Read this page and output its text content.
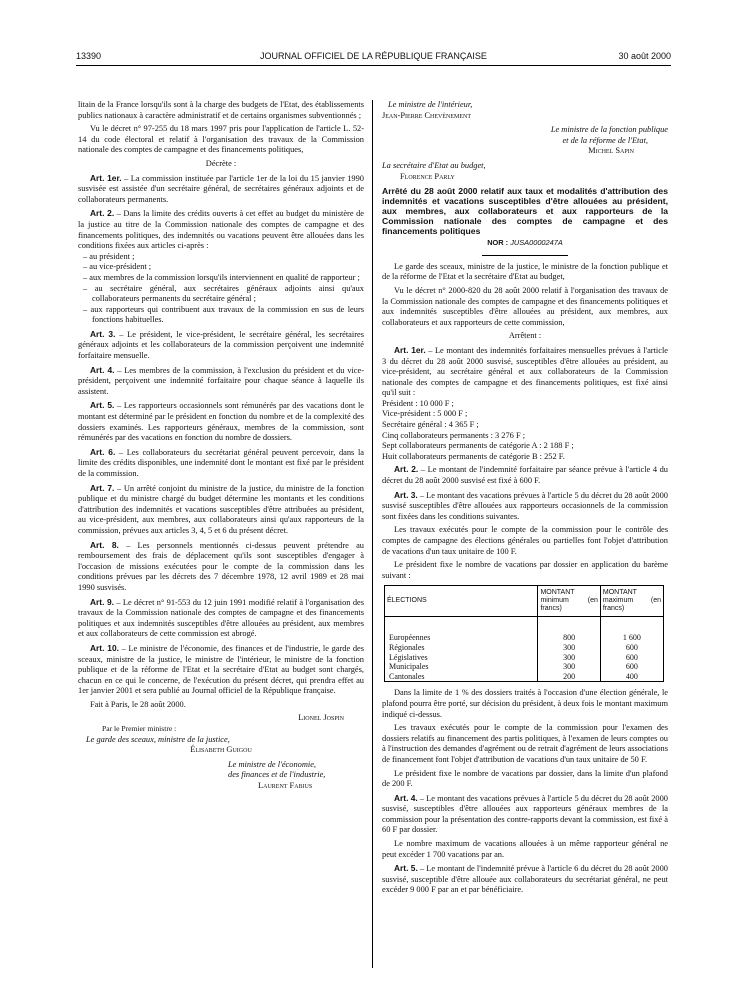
13390	JOURNAL OFFICIEL DE LA RÉPUBLIQUE FRANÇAISE	30 août 2000

litain de la France lorsqu'ils sont à la charge des budgets de l'Etat, des établissements publics nationaux à caractère administratif et de certains organismes subventionnés ;

Vu le décret n° 97-255 du 18 mars 1997 pris pour l'application de l'article L. 52-14 du code électoral et relatif à l'organisation des travaux de la Commission nationale des comptes de campagne et des financements politiques,

Décrète :

Art. 1er. – La commission instituée par l'article 1er de la loi du 15 janvier 1990 susvisée est assistée d'un secrétaire général, de secrétaires généraux adjoints et de collaborateurs permanents.

Art. 2. – Dans la limite des crédits ouverts à cet effet au budget du ministère de la justice au titre de la Commission nationale des comptes de campagne et des financements politiques, des indemnités ou vacations peuvent être allouées dans les conditions fixées aux articles ci-après :

– au président ;
– au vice-président ;
– aux membres de la commission lorsqu'ils interviennent en qualité de rapporteur ;
– au secrétaire général, aux secrétaires généraux adjoints ainsi qu'aux collaborateurs permanents du secrétaire général ;
– aux rapporteurs qui contribuent aux travaux de la commission en sus de leurs fonctions habituelles.

Art. 3. – Le président, le vice-président, le secrétaire général, les secrétaires généraux adjoints et les collaborateurs de la commission perçoivent une indemnité forfaitaire mensuelle.

Art. 4. – Les membres de la commission, à l'exclusion du président et du vice-président, perçoivent une indemnité forfaitaire pour chaque séance à laquelle ils assistent.

Art. 5. – Les rapporteurs occasionnels sont rémunérés par des vacations dont le montant est déterminé par le président en fonction du nombre et de la complexité des dossiers examinés. Les rapporteurs généraux, membres de la commission, sont rémunérés par des vacations en fonction du nombre de dossiers.

Art. 6. – Les collaborateurs du secrétariat général peuvent percevoir, dans la limite des crédits disponibles, une indemnité dont le montant est fixé par le président de la commission.

Art. 7. – Un arrêté conjoint du ministre de la justice, du ministre de la fonction publique et du ministre chargé du budget détermine les montants et les conditions d'attribution des indemnités et vacations susceptibles d'être attribuées au président, au vice-président, aux membres, aux collaborateurs ainsi qu'aux rapporteurs de la commission, prévues aux articles 3, 4, 5 et 6 du présent décret.

Art. 8. – Les personnels mentionnés ci-dessus peuvent prétendre au remboursement des frais de déplacement qu'ils sont susceptibles d'engager à l'occasion de missions exécutées pour le compte de la commission dans les conditions prévues par les décrets des 7 décembre 1978, 12 avril 1989 et 28 mai 1990 susvisés.

Art. 9. – Le décret n° 91-553 du 12 juin 1991 modifié relatif à l'organisation des travaux de la Commission nationale des comptes de campagne et des financements politiques et aux indemnités susceptibles d'être allouées au président, aux membres et aux collaborateurs de cette commission est abrogé.

Art. 10. – Le ministre de l'économie, des finances et de l'industrie, le garde des sceaux, ministre de la justice, le ministre de l'intérieur, le ministre de la fonction publique et de la réforme de l'Etat et la secrétaire d'Etat au budget sont chargés, chacun en ce qui le concerne, de l'exécution du présent décret, qui prendra effet au 1er janvier 2001 et sera publié au Journal officiel de la République française.

Fait à Paris, le 28 août 2000.

Lionel Jospin

Par le Premier ministre :

Le garde des sceaux, ministre de la justice,

Élisabeth Guigou

Le ministre de l'économie,

des finances et de l'industrie,

Laurent Fabius

Le ministre de l'intérieur,

Jean-Pierre Chevènement

Le ministre de la fonction publique

et de la réforme de l'Etat,

Michel Sapin

La secrétaire d'Etat au budget,

Florence Parly

Arrêté du 28 août 2000 relatif aux taux et modalités d'attribution des indemnités et vacations susceptibles d'être allouées au président, aux membres, aux collaborateurs et aux rapporteurs de la Commission nationale des comptes de campagne et des financements politiques
NOR : JUSA0000247A

Le garde des sceaux, ministre de la justice, le ministre de la fonction publique et de la réforme de l'Etat et la secrétaire d'Etat au budget,

Vu le décret n° 2000-820 du 28 août 2000 relatif à l'organisation des travaux de la Commission nationale des comptes de campagne et des financements politiques et aux indemnités susceptibles d'être allouées au président, aux membres, aux collaborateurs et aux rapporteurs de cette commission,

Arrêtent :

Art. 1er. – Le montant des indemnités forfaitaires mensuelles prévues à l'article 3 du décret du 28 août 2000 susvisé, susceptibles d'être allouées au président, au vice-président, au secrétaire général et aux collaborateurs de la Commission nationale des comptes de campagne et des financements politiques, est fixé ainsi qu'il suit :

Président : 10 000 F ;
Vice-président : 5 000 F ;
Secrétaire général : 4 365 F ;
Cinq collaborateurs permanents : 3 276 F ;
Sept collaborateurs permanents de catégorie A : 2 188 F ;
Huit collaborateurs permanents de catégorie B : 252 F.

Art. 2. – Le montant de l'indemnité forfaitaire par séance prévue à l'article 4 du décret du 28 août 2000 susvisé est fixé à 600 F.

Art. 3. – Le montant des vacations prévues à l'article 5 du décret du 28 août 2000 susvisé susceptibles d'être allouées aux rapporteurs occasionnels de la commission sont fixées dans les conditions suivantes.

Les travaux exécutés pour le compte de la commission pour le contrôle des comptes de campagne des élections générales ou partielles font l'objet d'attribution de vacations d'un taux unitaire de 100 F.

Le président fixe le nombre de vacations par dossier en application du barème suivant :

ÉLECTIONS	MONTANT minimum (en francs)	MONTANT maximum (en francs)

Européennes	800	1 600
Régionales	300	600
Législatives	300	600
Municipales	300	600
Cantonales	200	400

Dans la limite de 1 % des dossiers traités à l'occasion d'une élection générale, le plafond pourra être porté, sur décision du président, à deux fois le montant maximum indiqué ci-dessus.

Les travaux exécutés pour le compte de la commission pour l'examen des dossiers relatifs au financement des partis politiques, à l'examen de leurs comptes ou à l'instruction des demandes d'agrément ou de retrait d'agrément de leurs associations de financement font l'objet d'attribution de vacations d'un taux unitaire de 50 F.

Le président fixe le nombre de vacations par dossier, dans la limite d'un plafond de 200 F.

Art. 4. – Le montant des vacations prévues à l'article 5 du décret du 28 août 2000 susvisé, susceptibles d'être allouées aux rapporteurs généraux membres de la commission pour la présentation des contre-rapports devant la commission, est fixé à 60 F par dossier.

Le nombre maximum de vacations allouées à un même rapporteur général ne peut excéder 1 700 vacations par an.

Art. 5. – Le montant de l'indemnité prévue à l'article 6 du décret du 28 août 2000 susvisé, susceptible d'être allouée aux collaborateurs du secrétariat général, ne peut excéder 9 000 F par an et par bénéficiaire.
